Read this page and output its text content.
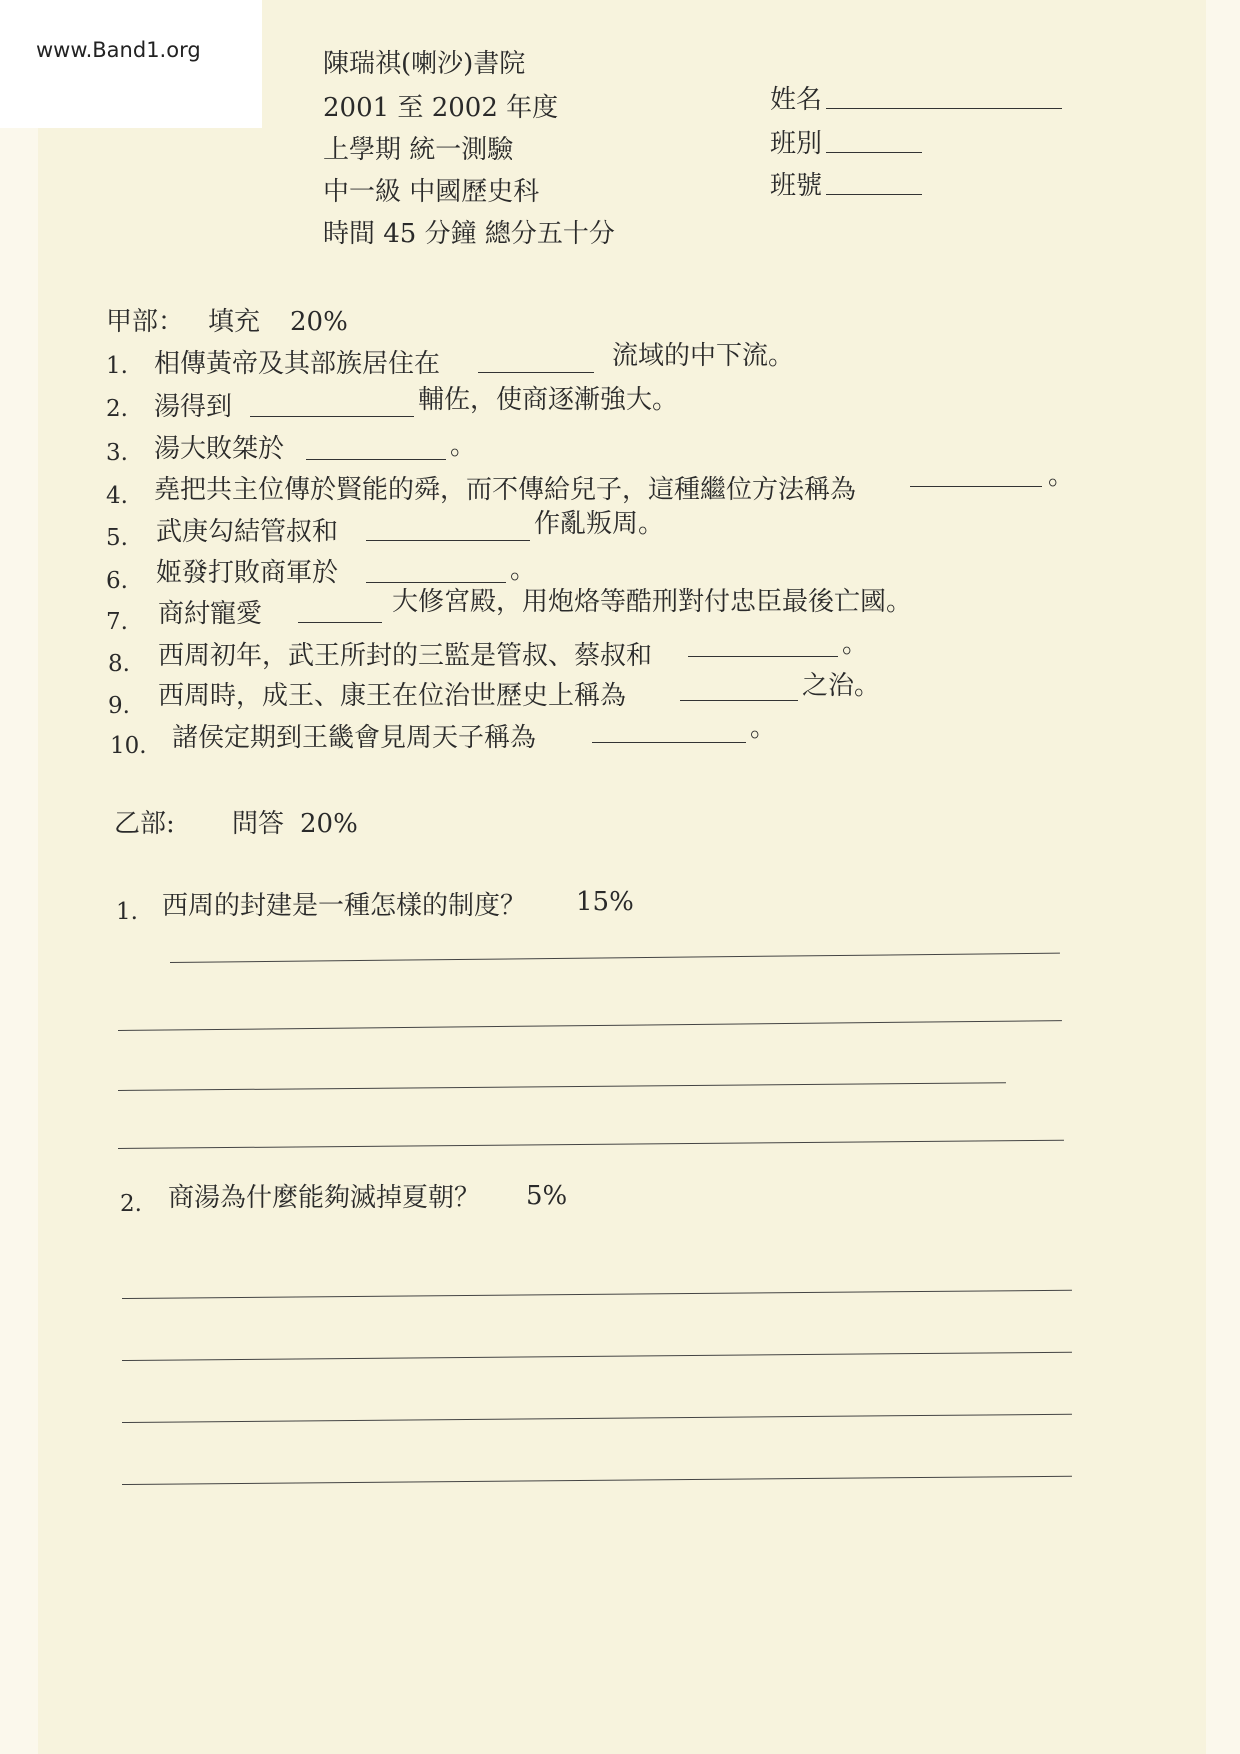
www.Band1.org	陳瑞祺(喇沙)書院
2001 至 2002 年度
上學期 統一測驗
中一級 中國歷史科
時間 45 分鐘 總分五十分
姓名
班別
班號
甲部： 填充 20%
1. 相傳黃帝及其部族居住在	流域的中下流。
2. 湯得到	輔佐，使商逐漸強大。
3. 湯大敗桀於	。
4. 堯把共主位傳於賢能的舜，而不傳給兒子，這種繼位方法稱為	。
5. 武庚勾結管叔和	作亂叛周。
6. 姬發打敗商軍於	。
7. 商紂寵愛	大修宮殿，用炮烙等酷刑對付忠臣最後亡國。
8. 西周初年，武王所封的三監是管叔、蔡叔和	。
9. 西周時，成王、康王在位治世歷史上稱為	之治。
10. 諸侯定期到王畿會見周天子稱為	。
乙部: 問答 20%
1. 西周的封建是一種怎樣的制度？ 15%
2. 商湯為什麼能夠滅掉夏朝？ 5%
